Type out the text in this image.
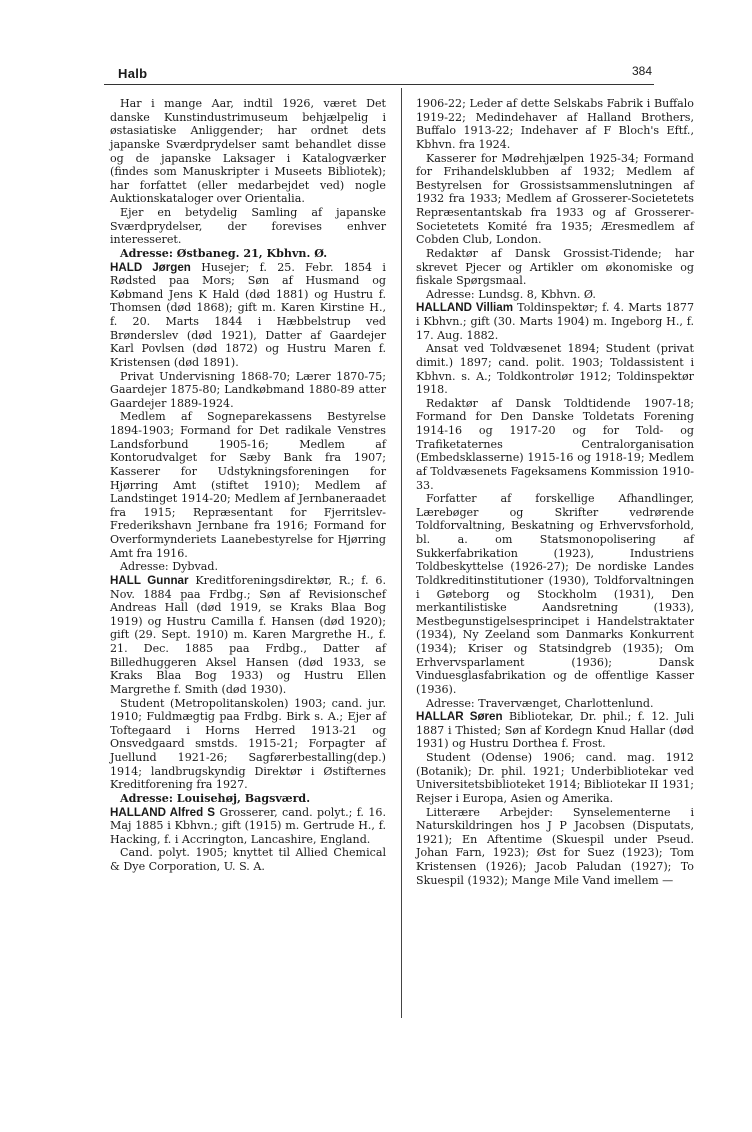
Halb	384

Har i mange Aar, indtil 1926, været Det danske Kunstindustrimuseum behjælpelig i østasiatiske Anliggender; har ordnet dets japanske Sværdprydelser samt behandlet disse og de japanske Laksager i Katalogværker (findes som Manuskripter i Museets Bibliotek); har forfattet (eller medarbejdet ved) nogle Auktionskataloger over Orientalia.

Ejer en betydelig Samling af japanske Sværdprydelser, der forevises enhver interesseret.

Adresse: Østbaneg. 21, Kbhvn. Ø.

HALD Jørgen Husejer; f. 25. Febr. 1854 i Rødsted paa Mors; Søn af Husmand og Købmand Jens K Hald (død 1881) og Hustru f. Thomsen (død 1868); gift m. Karen Kirstine H., f. 20. Marts 1844 i Hæbbelstrup ved Brønderslev (død 1921), Datter af Gaardejer Karl Povlsen (død 1872) og Hustru Maren f. Kristensen (død 1891).

Privat Undervisning 1868-70; Lærer 1870-75; Gaardejer 1875-80; Landkøbmand 1880-89 atter Gaardejer 1889-1924.

Medlem af Sogneparekassens Bestyrelse 1894-1903; Formand for Det radikale Venstres Landsforbund 1905-16; Medlem af Kontorudvalget for Sæby Bank fra 1907; Kasserer for Udstykningsforeningen for Hjørring Amt (stiftet 1910); Medlem af Landstinget 1914-20; Medlem af Jernbaneraadet fra 1915; Repræsentant for Fjerritslev-Frederikshavn Jernbane fra 1916; Formand for Overformynderiets Laanebestyrelse for Hjørring Amt fra 1916.

Adresse: Dybvad.

HALL Gunnar Kreditforeningsdirektør, R.; f. 6. Nov. 1884 paa Frdbg.; Søn af Revisionschef Andreas Hall (død 1919, se Kraks Blaa Bog 1919) og Hustru Camilla f. Hansen (død 1920); gift (29. Sept. 1910) m. Karen Margrethe H., f. 21. Dec. 1885 paa Frdbg., Datter af Billedhuggeren Aksel Hansen (død 1933, se Kraks Blaa Bog 1933) og Hustru Ellen Margrethe f. Smith (død 1930).

Student (Metropolitanskolen) 1903; cand. jur. 1910; Fuldmægtig paa Frdbg. Birk s. A.; Ejer af Toftegaard i Horns Herred 1913-21 og Onsvedgaard smstds. 1915-21; Forpagter af Juellund 1921-26; Sagførerbestalling(dep.) 1914; landbrugskyndig Direktør i Østifternes Kreditforening fra 1927.

Adresse: Louisehøj, Bagsværd.

HALLAND Alfred S Grosserer, cand. polyt.; f. 16. Maj 1885 i Kbhvn.; gift (1915) m. Gertrude H., f. Hacking, f. i Accrington, Lancashire, England.

Cand. polyt. 1905; knyttet til Allied Chemical & Dye Corporation, U. S. A.

1906-22; Leder af dette Selskabs Fabrik i Buffalo 1919-22; Medindehaver af Halland Brothers, Buffalo 1913-22; Indehaver af F Bloch's Eftf., Kbhvn. fra 1924.

Kasserer for Mødrehjælpen 1925-34; Formand for Frihandelsklubben af 1932; Medlem af Bestyrelsen for Grossistsammenslutningen af 1932 fra 1933; Medlem af Grosserer-Societetets Repræsentantskab fra 1933 og af Grosserer-Societetets Komité fra 1935; Æresmedlem af Cobden Club, London.

Redaktør af Dansk Grossist-Tidende; har skrevet Pjecer og Artikler om økonomiske og fiskale Spørgsmaal.

Adresse: Lundsg. 8, Kbhvn. Ø.

HALLAND Villiam Toldinspektør; f. 4. Marts 1877 i Kbhvn.; gift (30. Marts 1904) m. Ingeborg H., f. 17. Aug. 1882.

Ansat ved Toldvæsenet 1894; Student (privat dimit.) 1897; cand. polit. 1903; Toldassistent i Kbhvn. s. A.; Toldkontrolør 1912; Toldinspektør 1918.

Redaktør af Dansk Toldtidende 1907-18; Formand for Den Danske Toldetats Forening 1914-16 og 1917-20 og for Told- og Trafiketaternes Centralorganisation (Embedsklasserne) 1915-16 og 1918-19; Medlem af Toldvæsenets Fageksamens Kommission 1910-33.

Forfatter af forskellige Afhandlinger, Lærebøger og Skrifter vedrørende Toldforvaltning, Beskatning og Erhvervsforhold, bl. a. om Statsmonopolisering af Sukkerfabrikation (1923), Industriens Toldbeskyttelse (1926-27); De nordiske Landes Toldkreditinstitutioner (1930), Toldforvaltningen i Gøteborg og Stockholm (1931), Den merkantilistiske Aandsretning (1933), Mestbegunstigelsesprincipet i Handelstraktater (1934), Ny Zeeland som Danmarks Konkurrent (1934); Kriser og Statsindgreb (1935); Om Erhvervsparlament (1936); Dansk Vinduesglasfabrikation og de offentlige Kasser (1936).

Adresse: Travervænget, Charlottenlund.

HALLAR Søren Bibliotekar, Dr. phil.; f. 12. Juli 1887 i Thisted; Søn af Kordegn Knud Hallar (død 1931) og Hustru Dorthea f. Frost.

Student (Odense) 1906; cand. mag. 1912 (Botanik); Dr. phil. 1921; Underbibliotekar ved Universitetsbiblioteket 1914; Bibliotekar II 1931; Rejser i Europa, Asien og Amerika.

Litterære Arbejder: Synselementerne i Naturskildringen hos J P Jacobsen (Disputats, 1921); En Aftentime (Skuespil under Pseud. Johan Farn, 1923); Øst for Suez (1923); Tom Kristensen (1926); Jacob Paludan (1927); To Skuespil (1932); Mange Mile Vand imellem —
